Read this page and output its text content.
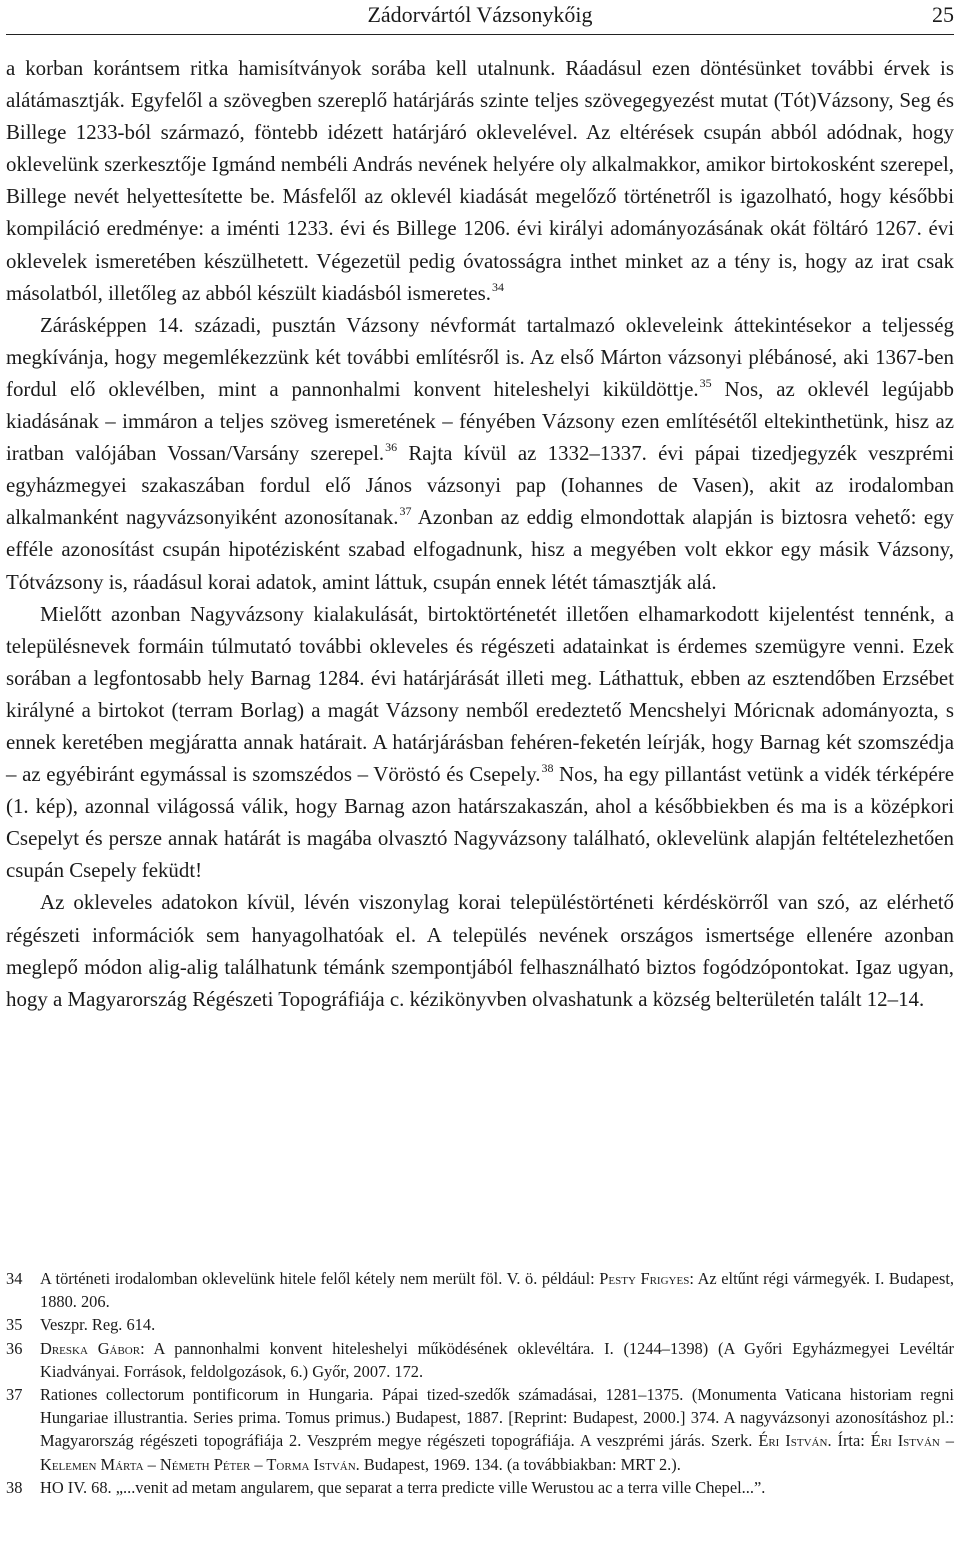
Zádorvártól Vázsonykőig	25

a korban korántsem ritka hamisítványok sorába kell utalnunk. Ráadásul ezen döntésünket további érvek is alátámasztják. Egyfelől a szövegben szereplő határjárás szinte teljes szövegegyezést mutat (Tót)Vázsony, Seg és Billege 1233-ból származó, föntebb idézett határjáró oklevelével. Az eltérések csupán abból adódnak, hogy oklevelünk szerkesztője Igmánd nembéli András nevének helyére oly alkalmakkor, amikor birtokosként szerepel, Billege nevét helyettesítette be. Másfelől az oklevél kiadását megelőző történetről is igazolható, hogy későbbi kompiláció eredménye: a iménti 1233. évi és Billege 1206. évi királyi adományozásának okát föltáró 1267. évi oklevelek ismeretében készülhetett. Végezetül pedig óvatosságra inthet minket az a tény is, hogy az irat csak másolatból, illetőleg az abból készült kiadásból ismeretes.$^{34}$

Zárásképpen 14. századi, pusztán Vázsony névformát tartalmazó okleveleink áttekintésekor a teljesség megkívánja, hogy megemlékezzünk két további említésről is. Az első Márton vázsonyi plébánosé, aki 1367-ben fordul elő oklevélben, mint a pannonhalmi konvent hiteleshelyi kiküldöttje.$^{35}$ Nos, az oklevél legújabb kiadásának – immáron a teljes szöveg ismeretének – fényében Vázsony ezen említésétől eltekinthetünk, hisz az iratban valójában Vossan/Varsány szerepel.$^{36}$ Rajta kívül az 1332–1337. évi pápai tizedjegyzék veszprémi egyházmegyei szakaszában fordul elő János vázsonyi pap (Iohannes de Vasen), akit az irodalomban alkalmanként nagyvázsonyiként azonosítanak.$^{37}$ Azonban az eddig elmondottak alapján is biztosra vehető: egy efféle azonosítást csupán hipotézisként szabad elfogadnunk, hisz a megyében volt ekkor egy másik Vázsony, Tótvázsony is, ráadásul korai adatok, amint láttuk, csupán ennek létét támasztják alá.

Mielőtt azonban Nagyvázsony kialakulását, birtoktörténetét illetően elhamarkodott kijelentést tennénk, a településnevek formáin túlmutató további okleveles és régészeti adatainkat is érdemes szemügyre venni. Ezek sorában a legfontosabb hely Barnag 1284. évi határjárását illeti meg. Láthattuk, ebben az esztendőben Erzsébet királyné a birtokot (terram Borlag) a magát Vázsony nemből eredeztető Mencshelyi Móricnak adományozta, s ennek keretében megjáratta annak határait. A határjárásban fehéren-feketén leírják, hogy Barnag két szomszédja – az egyébiránt egymással is szomszédos – Vöröstó és Csepely.$^{38}$ Nos, ha egy pillantást vetünk a vidék térképére (1. kép), azonnal világossá válik, hogy Barnag azon határszakaszán, ahol a későbbiekben és ma is a középkori Csepelyt és persze annak határát is magába olvasztó Nagyvázsony található, oklevelünk alapján feltételezhetően csupán Csepely feküdt!

Az okleveles adatokon kívül, lévén viszonylag korai településtörténeti kérdéskörről van szó, az elérhető régészeti információk sem hanyagolhatóak el. A település nevének országos ismertsége ellenére azonban meglepő módon alig-alig találhatunk témánk szempontjából felhasználható biztos fogódzópontokat. Igaz ugyan, hogy a Magyarország Régészeti Topográfiája c. kézikönyvben olvashatunk a község belterületén talált 12–14.

34	A történeti irodalomban oklevelünk hitele felől kétely nem merült föl. V. ö. például: Pesty Frigyes: Az eltűnt régi vármegyék. I. Budapest, 1880. 206.
35	Veszpr. Reg. 614.
36	Dreska Gábor: A pannonhalmi konvent hiteleshelyi működésének oklevéltára. I. (1244–1398) (A Győri Egyházmegyei Levéltár Kiadványai. Források, feldolgozások, 6.) Győr, 2007. 172.
37	Rationes collectorum pontificorum in Hungaria. Pápai tized-szedők számadásai, 1281–1375. (Monumenta Vaticana historiam regni Hungariae illustrantia. Series prima. Tomus primus.) Budapest, 1887. [Reprint: Budapest, 2000.] 374. A nagyvázsonyi azonosításhoz pl.: Magyarország régészeti topográfiája 2. Veszprém megye régészeti topográfiája. A veszprémi járás. Szerk. Éri István. Írta: Éri István – Kelemen Márta – Németh Péter – Torma István. Budapest, 1969. 134. (a továbbiakban: MRT 2.).
38	HO IV. 68. „...venit ad metam angularem, que separat a terra predicte ville Werustou ac a terra ville Chepel...”.
